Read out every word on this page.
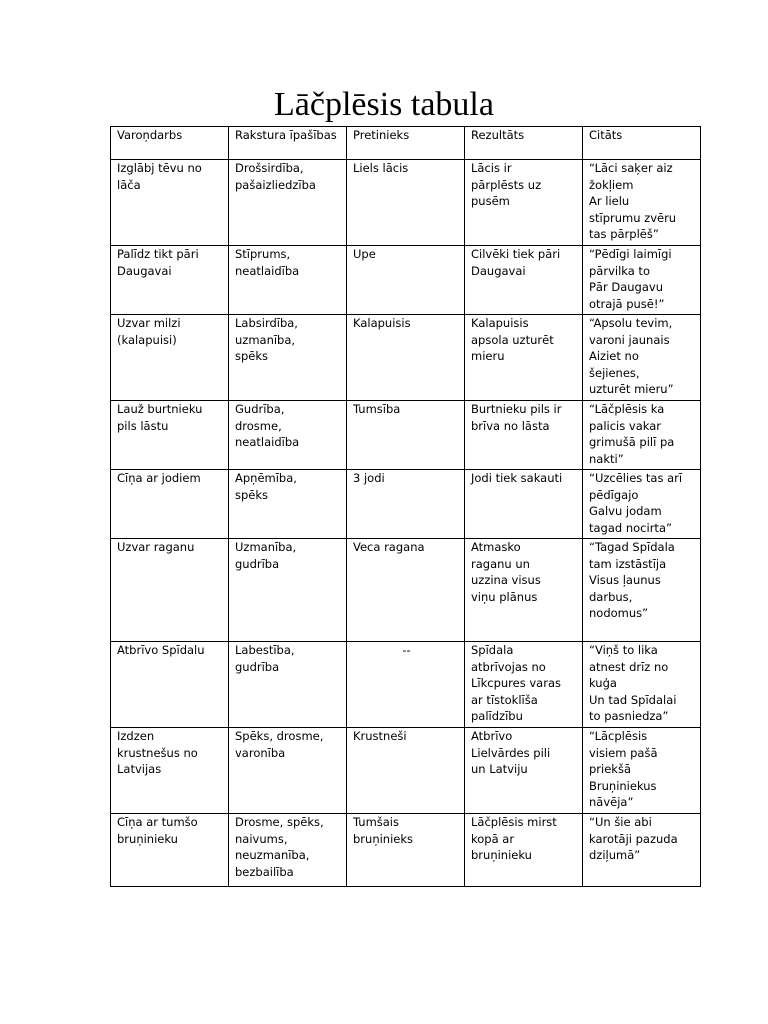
Lāčplēsis tabula
Varoņdarbs	Rakstura īpašības	Pretinieks	Rezultāts	Citāts

Izglābj tēvu no
lāča	Drošsirdība,
pašaizliedzība	Liels lācis	Lācis ir
pārplēsts uz
pusēm	“Lāci saķer aiz
žokļiem
Ar lielu
stīprumu zvēru
tas pārplēš”

Palīdz tikt pāri
Daugavai	Stīprums,
neatlaidība	Upe	Cilvēki tiek pāri
Daugavai	“Pēdīgi laimīgi
pārvilka to
Pār Daugavu
otrajā pusē!”

Uzvar milzi
(kalapuisi)	Labsirdība,
uzmanība,
spēks	Kalapuisis	Kalapuisis
apsola uzturēt
mieru	“Apsolu tevim,
varoni jaunais
Aiziet no
šejienes,
uzturēt mieru”

Lauž burtnieku
pils lāstu	Gudrība,
drosme,
neatlaidība	Tumsība	Burtnieku pils ir
brīva no lāsta	“Lāčplēsis ka
palicis vakar
grimušā pilī pa
nakti”

Cīņa ar jodiem	Apņēmība,
spēks	3 jodi	Jodi tiek sakauti	“Uzcēlies tas arī
pēdīgajo
Galvu jodam
tagad nocirta”

Uzvar raganu	Uzmanība,
gudrība	Veca ragana	Atmasko
raganu un
uzzina visus
viņu plānus	“Tagad Spīdala
tam izstāstīja
Visus ļaunus
darbus,
nodomus”

Atbrīvo Spīdalu	Labestība,
gudrība	--	Spīdala
atbrīvojas no
Līkcpures varas
ar tīstoklīša
palīdzību	“Viņš to lika
atnest drīz no
kuģa
Un tad Spīdalai
to pasniedza”

Izdzen
krustnešus no
Latvijas	Spēks, drosme,
varonība	Krustneši	Atbrīvo
Lielvārdes pili
un Latviju	“Lācplēsis
visiem pašā
priekšā
Bruņiniekus
nāvēja”

Cīņa ar tumšo
bruņinieku	Drosme, spēks,
naivums,
neuzmanība,
bezbailība	Tumšais
bruņinieks	Lāčplēsis mirst
kopā ar
bruņinieku	“Un šie abi
karotāji pazuda
dziļumā”
